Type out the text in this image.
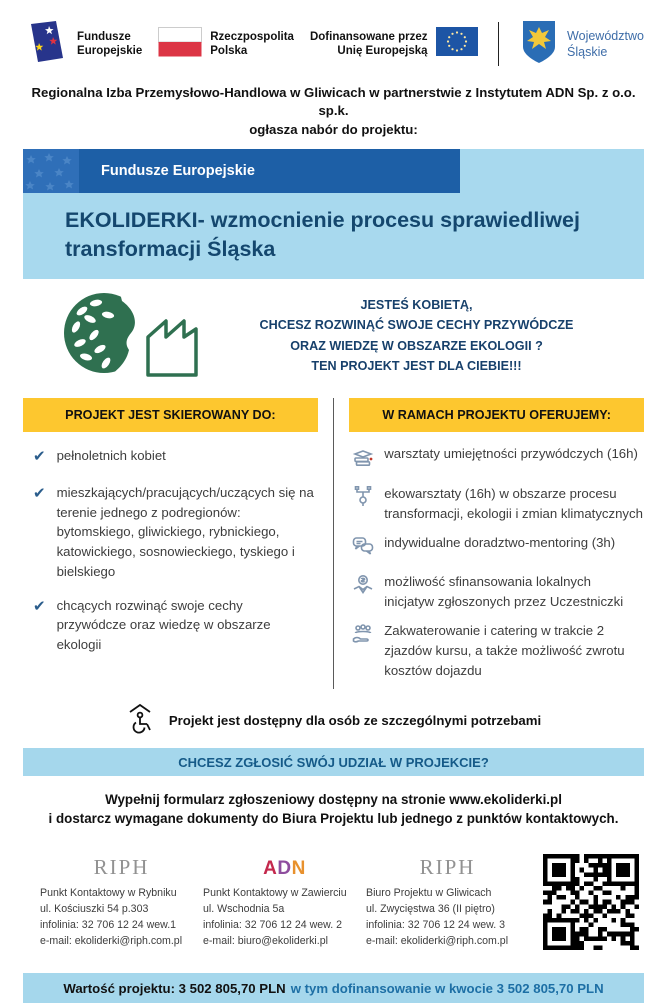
Fundusze
Europejskie
Rzeczpospolita
Polska
Dofinansowane przez
Unię Europejską
Województwo
Śląskie
Regionalna Izba Przemysłowo-Handlowa w Gliwicach w partnerstwie z Instytutem ADN Sp. z o.o. sp.k.
ogłasza nabór do projektu:
Fundusze Europejskie
EKOLIDERKI- wzmocnienie procesu sprawiedliwej transformacji Śląska
JESTEŚ KOBIETĄ,
CHCESZ ROZWINĄĆ SWOJE CECHY PRZYWÓDCZE
ORAZ WIEDZĘ W OBSZARZE EKOLOGII ?
TEN PROJEKT JEST DLA CIEBIE!!!
PROJEKT JEST SKIEROWANY DO:
✔ pełnoletnich kobiet
✔ mieszkających/pracujących/uczących się na terenie jednego z podregionów: bytomskiego, gliwickiego, rybnickiego, katowickiego, sosnowieckiego, tyskiego i bielskiego
✔ chcących rozwinąć swoje cechy przywódcze oraz wiedzę w obszarze ekologii
W RAMACH PROJEKTU OFERUJEMY:
warsztaty umiejętności przywódczych (16h)
ekowarsztaty (16h) w obszarze procesu transformacji, ekologii i zmian klimatycznych
indywidualne doradztwo-mentoring (3h)
możliwość sfinansowania lokalnych inicjatyw zgłoszonych przez Uczestniczki
Zakwaterowanie i catering w trakcie 2 zjazdów kursu, a także możliwość zwrotu kosztów dojazdu
Projekt jest dostępny dla osób ze szczególnymi potrzebami
CHCESZ ZGŁOSIĆ SWÓJ UDZIAŁ W PROJEKCIE?
Wypełnij formularz zgłoszeniowy dostępny na stronie www.ekoliderki.pl
i dostarcz wymagane dokumenty do Biura Projektu lub jednego z punktów kontaktowych.
RIPH
Punkt Kontaktowy w Rybniku
ul. Kościuszki 54 p.303
infolinia: 32 706 12 24 wew.1
e-mail: ekoliderki@riph.com.pl
A D N
Punkt Kontaktowy w Zawierciu
ul. Wschodnia 5a
infolinia: 32 706 12 24 wew. 2
e-mail: biuro@ekoliderki.pl
RIPH
Biuro Projektu w Gliwicach
ul. Zwycięstwa 36 (II piętro)
infolinia: 32 706 12 24 wew. 3
e-mail: ekoliderki@riph.com.pl
Wartość projektu: 3 502 805,70 PLN w tym dofinansowanie w kwocie 3 502 805,70 PLN
